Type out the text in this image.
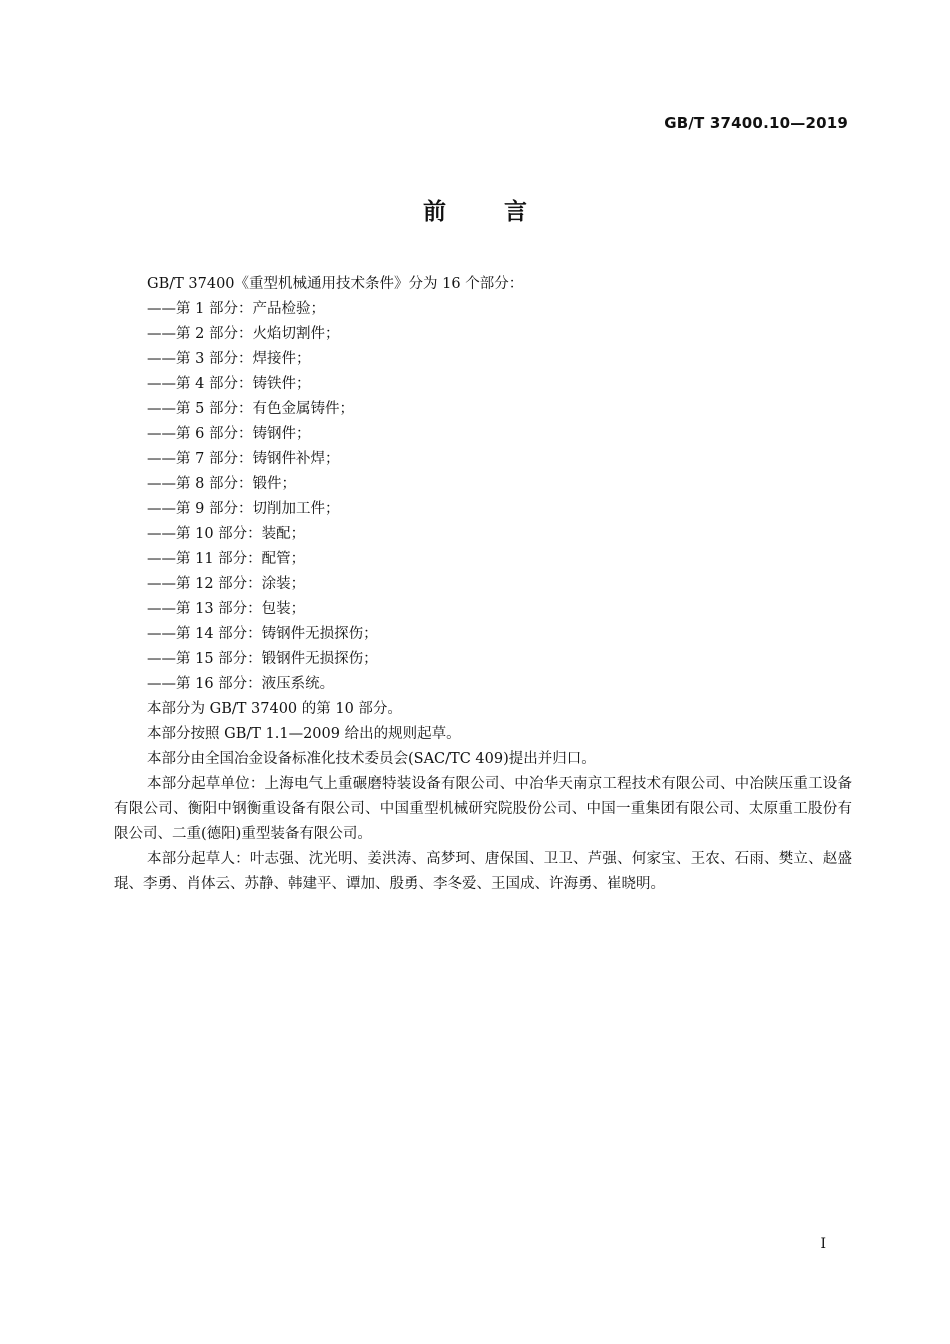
GB/T 37400.10—2019

前言

GB/T 37400《重型机械通用技术条件》分为 16 个部分：

——第 1 部分：产品检验；
——第 2 部分：火焰切割件；
——第 3 部分：焊接件；
——第 4 部分：铸铁件；
——第 5 部分：有色金属铸件；
——第 6 部分：铸钢件；
——第 7 部分：铸钢件补焊；
——第 8 部分：锻件；
——第 9 部分：切削加工件；
——第 10 部分：装配；
——第 11 部分：配管；
——第 12 部分：涂装；
——第 13 部分：包装；
——第 14 部分：铸钢件无损探伤；
——第 15 部分：锻钢件无损探伤；
——第 16 部分：液压系统。

本部分为 GB/T 37400 的第 10 部分。

本部分按照 GB/T 1.1—2009 给出的规则起草。

本部分由全国冶金设备标准化技术委员会(SAC/TC 409)提出并归口。

本部分起草单位：上海电气上重碾磨特装设备有限公司、中冶华天南京工程技术有限公司、中冶陕压重工设备有限公司、衡阳中钢衡重设备有限公司、中国重型机械研究院股份公司、中国一重集团有限公司、太原重工股份有限公司、二重(德阳)重型装备有限公司。

本部分起草人：叶志强、沈光明、姜洪涛、高梦珂、唐保国、卫卫、芦强、何家宝、王农、石雨、樊立、赵盛琨、李勇、肖体云、苏静、韩建平、谭加、殷勇、李冬爱、王国成、许海勇、崔晓明。

I
